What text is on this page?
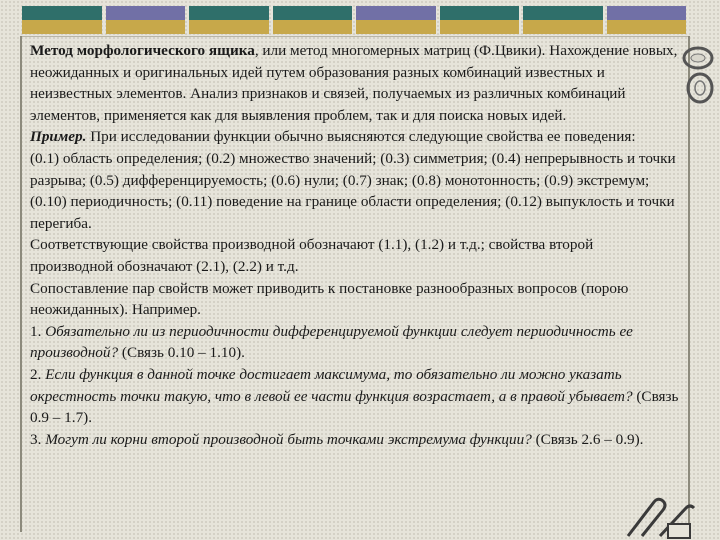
Метод морфологического ящика, или метод многомерных матриц (Ф.Цвики). Нахождение новых, неожиданных и оригинальных идей путем образования разных комбинаций известных и неизвестных элементов. Анализ признаков и связей, получаемых из различных комбинаций элементов, применяется как для выявления проблем, так и для поиска новых идей.

Пример. При исследовании функции обычно выясняются следующие свойства ее поведения:

(0.1) область определения; (0.2) множество значений; (0.3) симметрия; (0.4) непрерывность и точки разрыва; (0.5) дифференцируемость; (0.6) нули; (0.7) знак; (0.8) монотонность; (0.9) экстремум; (0.10) периодичность; (0.11) поведение на границе области определения; (0.12) выпуклость и точки перегиба.

Соответствующие свойства производной обозначают (1.1), (1.2) и т.д.; свойства второй производной обозначают (2.1), (2.2) и т.д.

Сопоставление пар свойств может приводить к постановке разнообразных вопросов (порою неожиданных). Например.

1. Обязательно ли из периодичности дифференцируемой функции следует периодичность ее производной? (Связь 0.10 – 1.10).

2. Если функция в данной точке достигает максимума, то обязательно ли можно указать окрестность точки такую, что в левой ее части функция возрастает, а в правой убывает? (Связь 0.9 – 1.7).

3. Могут ли корни второй производной быть точками экстремума функции? (Связь 2.6 – 0.9).
